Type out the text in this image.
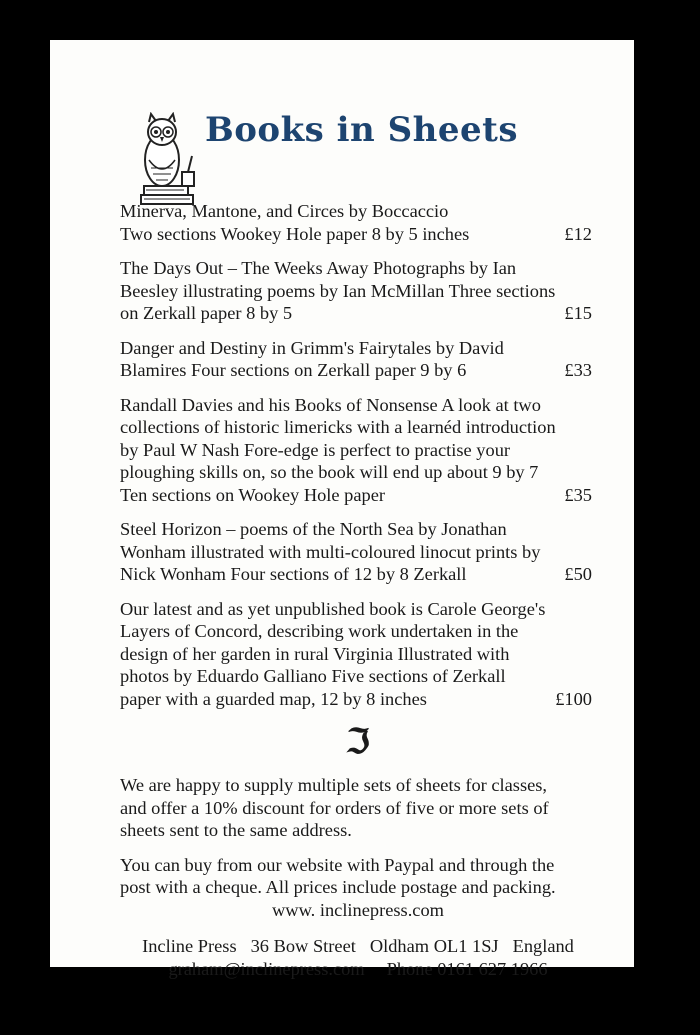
Books in Sheets

Minerva, Mantone, and Circes by Boccaccio

Two sections Wookey Hole paper 8 by 5 inches	£12

The Days Out – The Weeks Away Photographs by Ian

Beesley illustrating poems by Ian McMillan Three sections

on Zerkall paper 8 by 5	£15

Danger and Destiny in Grimm's Fairytales by David

Blamires Four sections on Zerkall paper 9 by 6	£33

Randall Davies and his Books of Nonsense A look at two

collections of historic limericks with a learnéd introduction

by Paul W Nash Fore-edge is perfect to practise your

ploughing skills on, so the book will end up about 9 by 7

Ten sections on Wookey Hole paper	£35

Steel Horizon – poems of the North Sea by Jonathan

Wonham illustrated with multi-coloured linocut prints by

Nick Wonham Four sections of 12 by 8 Zerkall	£50

Our latest and as yet unpublished book is Carole George's

Layers of Concord, describing work undertaken in the

design of her garden in rural Virginia Illustrated with

photos by Eduardo Galliano Five sections of Zerkall

paper with a guarded map, 12 by 8 inches	£100
ℑ

We are happy to supply multiple sets of sheets for classes,

and offer a 10% discount for orders of five or more sets of

sheets sent to the same address.

You can buy from our website with Paypal and through the

post with a cheque. All prices include postage and packing.

www. inclinepress.com

Incline Press 36 Bow Street Oldham OL1 1SJ England

graham@inclinepress.com Phone 0161 627 1966
